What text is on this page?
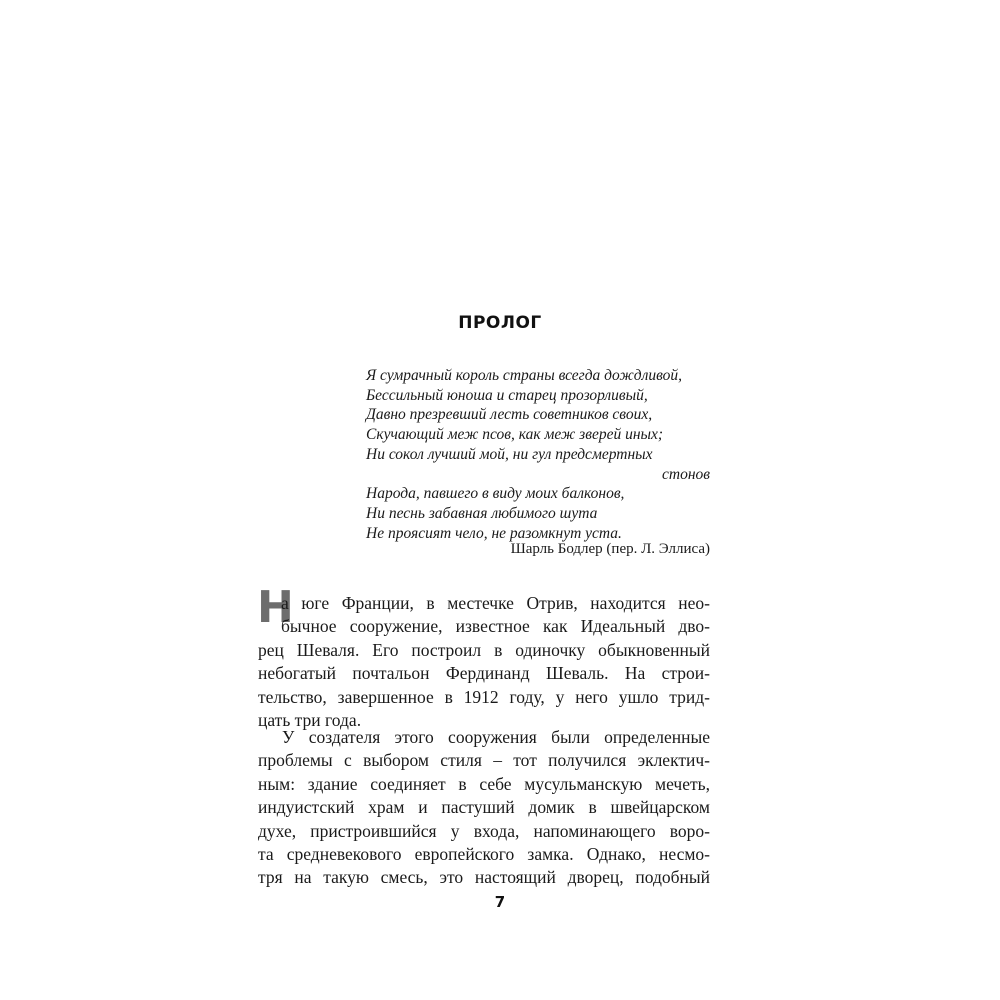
ПРОЛОГ
Я сумрачный король страны всегда дождливой,
Бессильный юноша и старец прозорливый,
Давно презревший лесть советников своих,
Скучающий меж псов, как меж зверей иных;
Ни сокол лучший мой, ни гул предсмертных
стонов
Народа, павшего в виду моих балконов,
Ни песнь забавная любимого шута
Не проясият чело, не разомкнут уста.
Шарль Бодлер (пер. Л. Эллиса)
Н
а юге Франции, в местечке Отрив, находится нео-
бычное сооружение, известное как Идеальный дво-
рец Шеваля. Его построил в одиночку обыкновенный
небогатый почтальон Фердинанд Шеваль. На строи-
тельство, завершенное в 1912 году, у него ушло трид-
цать три года.
У создателя этого сооружения были определенные
проблемы с выбором стиля – тот получился эклектич-
ным: здание соединяет в себе мусульманскую мечеть,
индуистский храм и пастуший домик в швейцарском
духе, пристроившийся у входа, напоминающего воро-
та средневекового европейского замка. Однако, несмо-
тря на такую смесь, это настоящий дворец, подобный
7
